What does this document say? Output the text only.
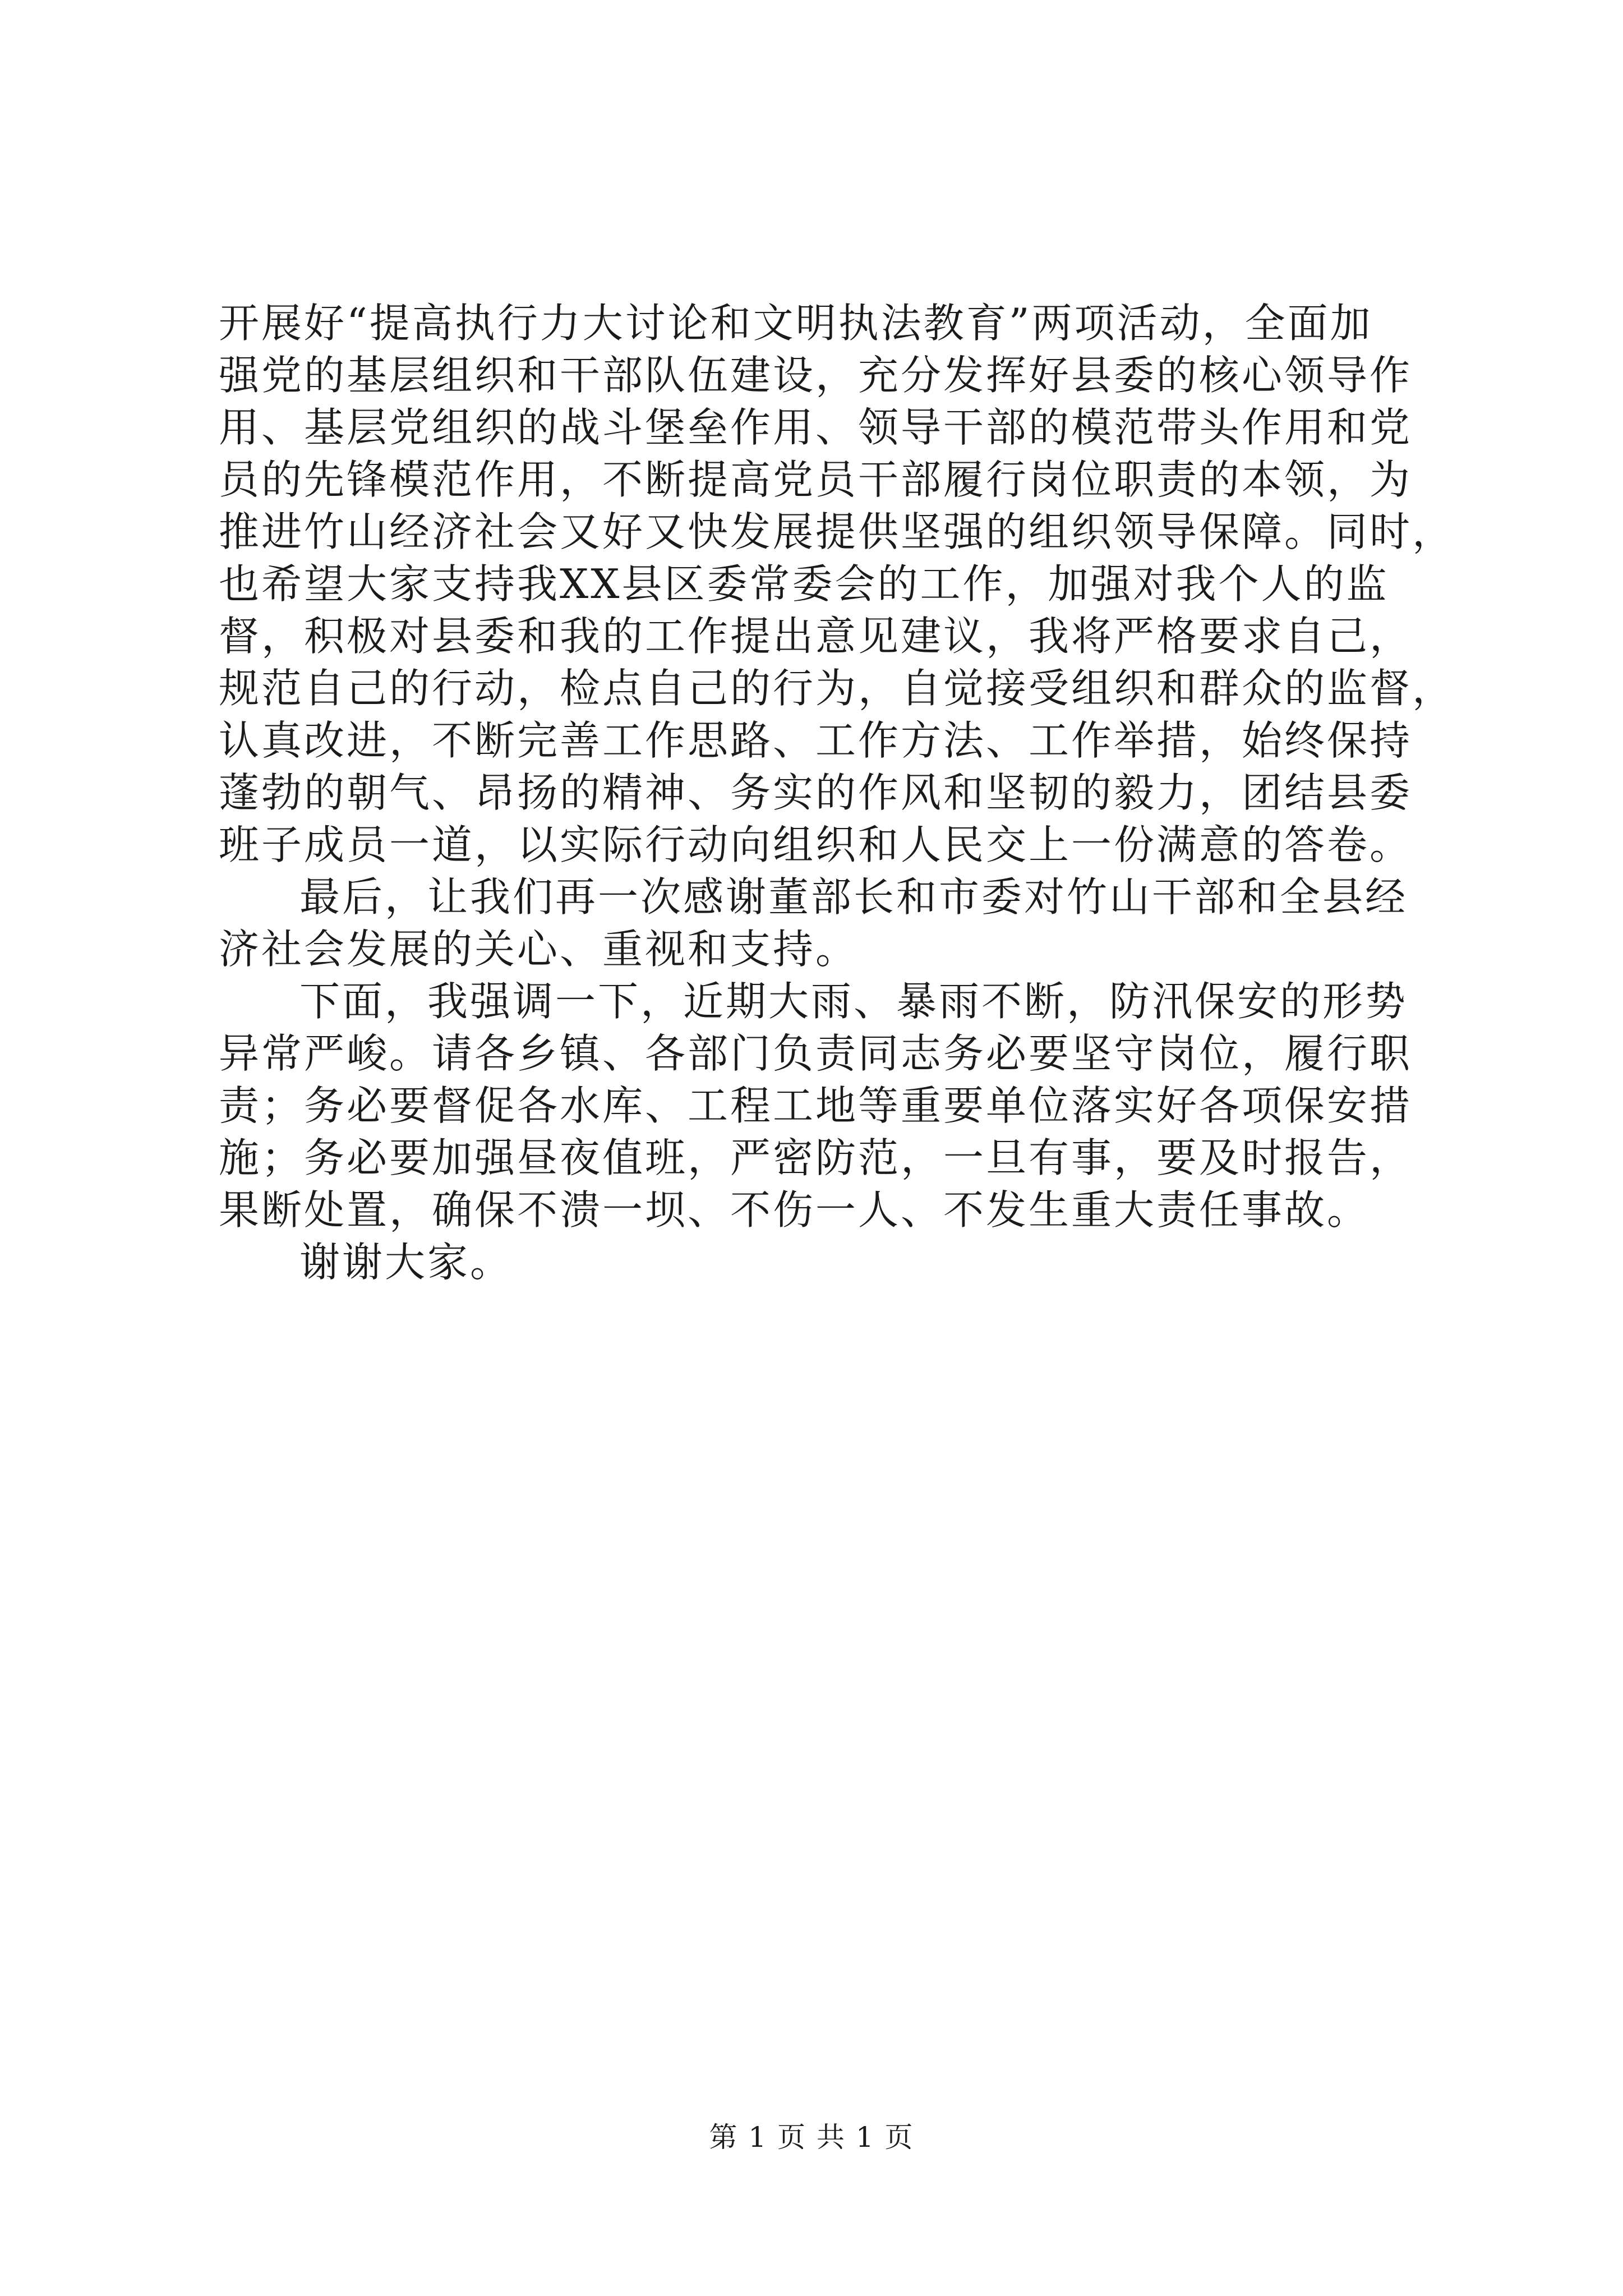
开展好“提高执行力大讨论和文明执法教育”两项活动，全面加
强党的基层组织和干部队伍建设，充分发挥好县委的核心领导作
用、基层党组织的战斗堡垒作用、领导干部的模范带头作用和党
员的先锋模范作用，不断提高党员干部履行岗位职责的本领，为
推进竹山经济社会又好又快发展提供坚强的组织领导保障。同时，
也希望大家支持我XX县区委常委会的工作，加强对我个人的监
督，积极对县委和我的工作提出意见建议，我将严格要求自己，
规范自己的行动，检点自己的行为，自觉接受组织和群众的监督，
认真改进，不断完善工作思路、工作方法、工作举措，始终保持
蓬勃的朝气、昂扬的精神、务实的作风和坚韧的毅力，团结县委
班子成员一道，以实际行动向组织和人民交上一份满意的答卷。
最后，让我们再一次感谢董部长和市委对竹山干部和全县经
济社会发展的关心、重视和支持。
下面，我强调一下，近期大雨、暴雨不断，防汛保安的形势
异常严峻。请各乡镇、各部门负责同志务必要坚守岗位，履行职
责；务必要督促各水库、工程工地等重要单位落实好各项保安措
施；务必要加强昼夜值班，严密防范，一旦有事，要及时报告，
果断处置，确保不溃一坝、不伤一人、不发生重大责任事故。
谢谢大家。
第 1 页 共 1 页
